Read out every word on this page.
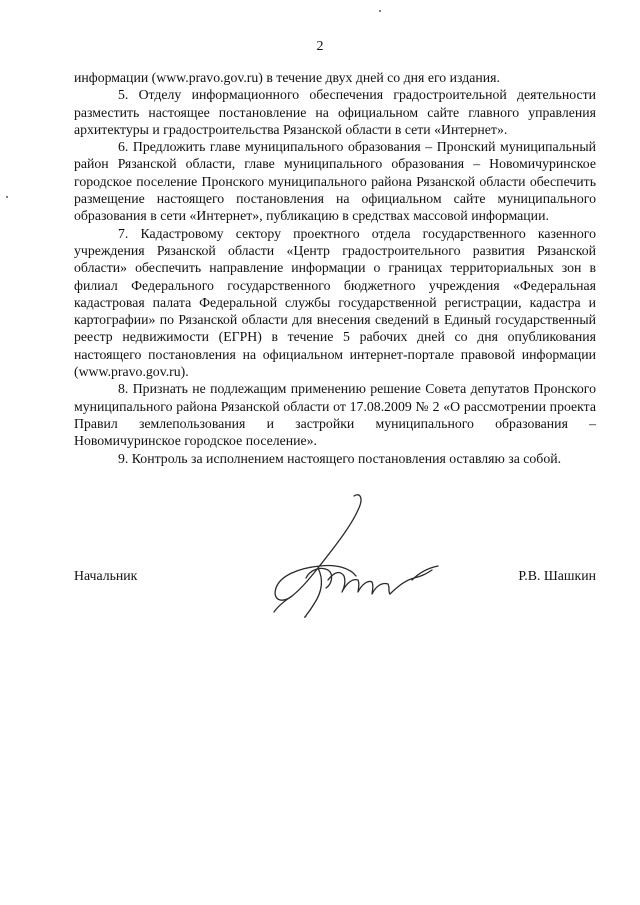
2

информации (www.pravo.gov.ru) в течение двух дней со дня его издания.

5. Отделу информационного обеспечения градостроительной деятельности разместить настоящее постановление на официальном сайте главного управления архитектуры и градостроительства Рязанской области в сети «Интернет».

6. Предложить главе муниципального образования – Пронский муниципальный район Рязанской области, главе муниципального образования – Новомичуринское городское поселение Пронского муниципального района Рязанской области обеспечить размещение настоящего постановления на официальном сайте муниципального образования в сети «Интернет», публикацию в средствах массовой информации.

7. Кадастровому сектору проектного отдела государственного казенного учреждения Рязанской области «Центр градостроительного развития Рязанской области» обеспечить направление информации о границах территориальных зон в филиал Федерального государственного бюджетного учреждения «Федеральная кадастровая палата Федеральной службы государственной регистрации, кадастра и картографии» по Рязанской области для внесения сведений в Единый государственный реестр недвижимости (ЕГРН) в течение 5 рабочих дней со дня опубликования настоящего постановления на официальном интернет-портале правовой информации (www.pravo.gov.ru).

8. Признать не подлежащим применению решение Совета депутатов Пронского муниципального района Рязанской области от 17.08.2009 № 2 «О рассмотрении проекта Правил землепользования и застройки муниципального образования – Новомичуринское городское поселение».

9. Контроль за исполнением настоящего постановления оставляю за собой.

Начальник	Р.В. Шашкин
